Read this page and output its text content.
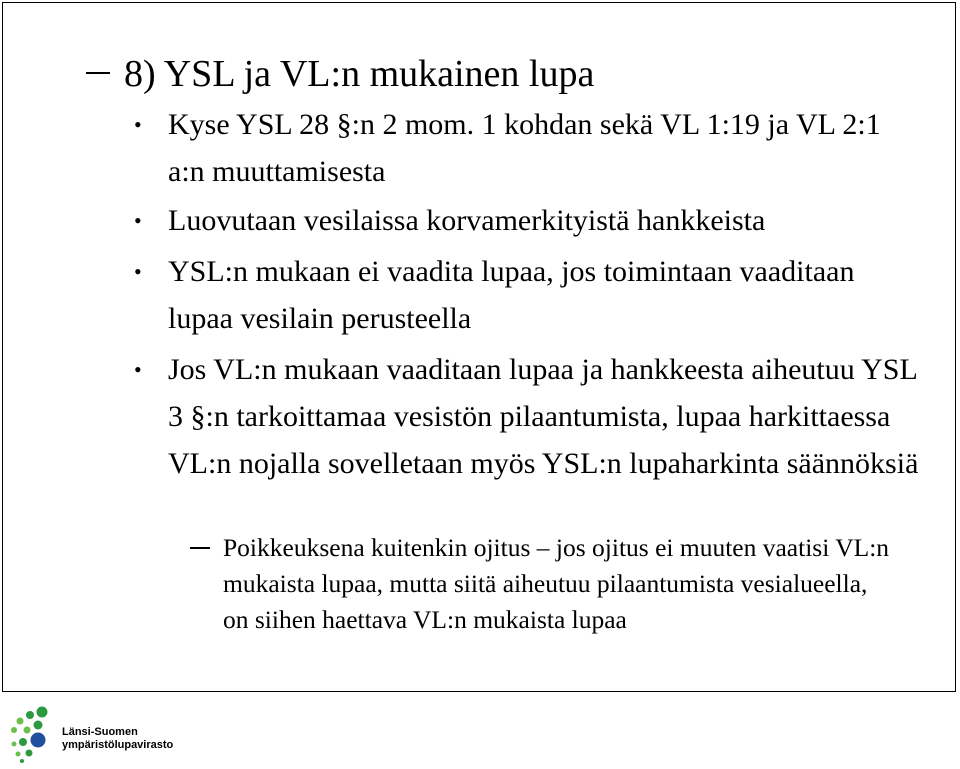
8) YSL ja VL:n mukainen lupa
• Kyse YSL 28 §:n 2 mom. 1 kohdan sekä VL 1:19 ja VL 2:1 a:n muuttamisesta
• Luovutaan vesilaissa korvamerkityistä hankkeista
• YSL:n mukaan ei vaadita lupaa, jos toimintaan vaaditaan lupaa vesilain perusteella
• Jos VL:n mukaan vaaditaan lupaa ja hankkeesta aiheutuu YSL 3 §:n tarkoittamaa vesistön pilaantumista, lupaa harkittaessa VL:n nojalla sovelletaan myös YSL:n lupaharkinta säännöksiä
Poikkeuksena kuitenkin ojitus – jos ojitus ei muuten vaatisi VL:n mukaista lupaa, mutta siitä aiheutuu pilaantumista vesialueella, on siihen haettava VL:n mukaista lupaa
Länsi-Suomen
ympäristölupavirasto
